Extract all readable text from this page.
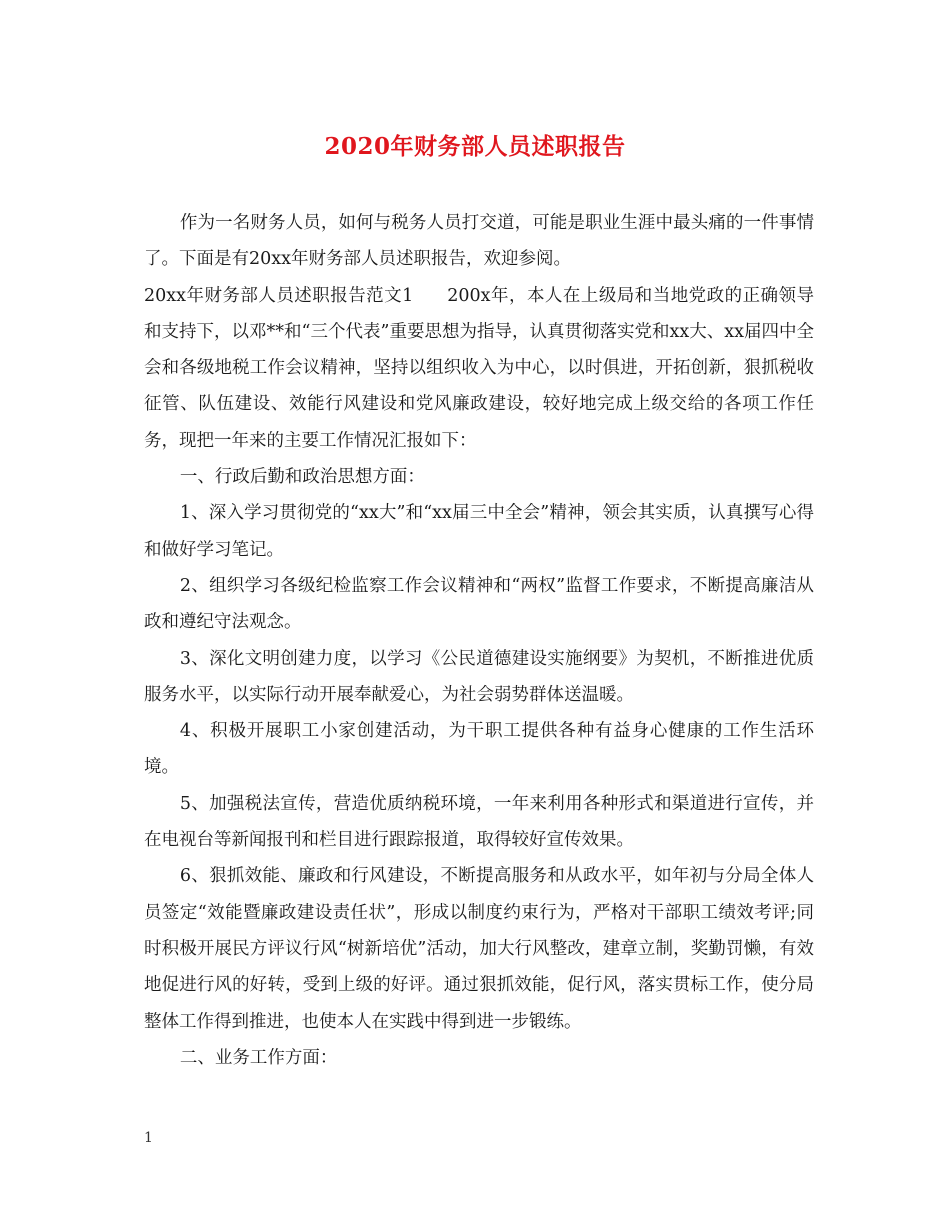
2020年财务部人员述职报告

作为一名财务人员，如何与税务人员打交道，可能是职业生涯中最头痛的一件事情了。下面是有20xx年财务部人员述职报告，欢迎参阅。

20xx年财务部人员述职报告范文1 200x年，本人在上级局和当地党政的正确领导和支持下，以邓**和“三个代表”重要思想为指导，认真贯彻落实党和xx大、xx届四中全会和各级地税工作会议精神，坚持以组织收入为中心，以时俱进，开拓创新，狠抓税收征管、队伍建设、效能行风建设和党风廉政建设，较好地完成上级交给的各项工作任务，现把一年来的主要工作情况汇报如下：

一、行政后勤和政治思想方面：

1、深入学习贯彻党的“xx大”和“xx届三中全会”精神，领会其实质，认真撰写心得和做好学习笔记。

2、组织学习各级纪检监察工作会议精神和“两权”监督工作要求，不断提高廉洁从政和遵纪守法观念。

3、深化文明创建力度，以学习《公民道德建设实施纲要》为契机，不断推进优质服务水平，以实际行动开展奉献爱心，为社会弱势群体送温暖。

4、积极开展职工小家创建活动，为干职工提供各种有益身心健康的工作生活环境。

5、加强税法宣传，营造优质纳税环境，一年来利用各种形式和渠道进行宣传，并在电视台等新闻报刊和栏目进行跟踪报道，取得较好宣传效果。

6、狠抓效能、廉政和行风建设，不断提高服务和从政水平，如年初与分局全体人员签定“效能暨廉政建设责任状”，形成以制度约束行为，严格对干部职工绩效考评;同时积极开展民方评议行风“树新培优”活动，加大行风整改，建章立制，奖勤罚懒，有效地促进行风的好转，受到上级的好评。通过狠抓效能，促行风，落实贯标工作，使分局整体工作得到推进，也使本人在实践中得到进一步锻练。

二、业务工作方面：

1
